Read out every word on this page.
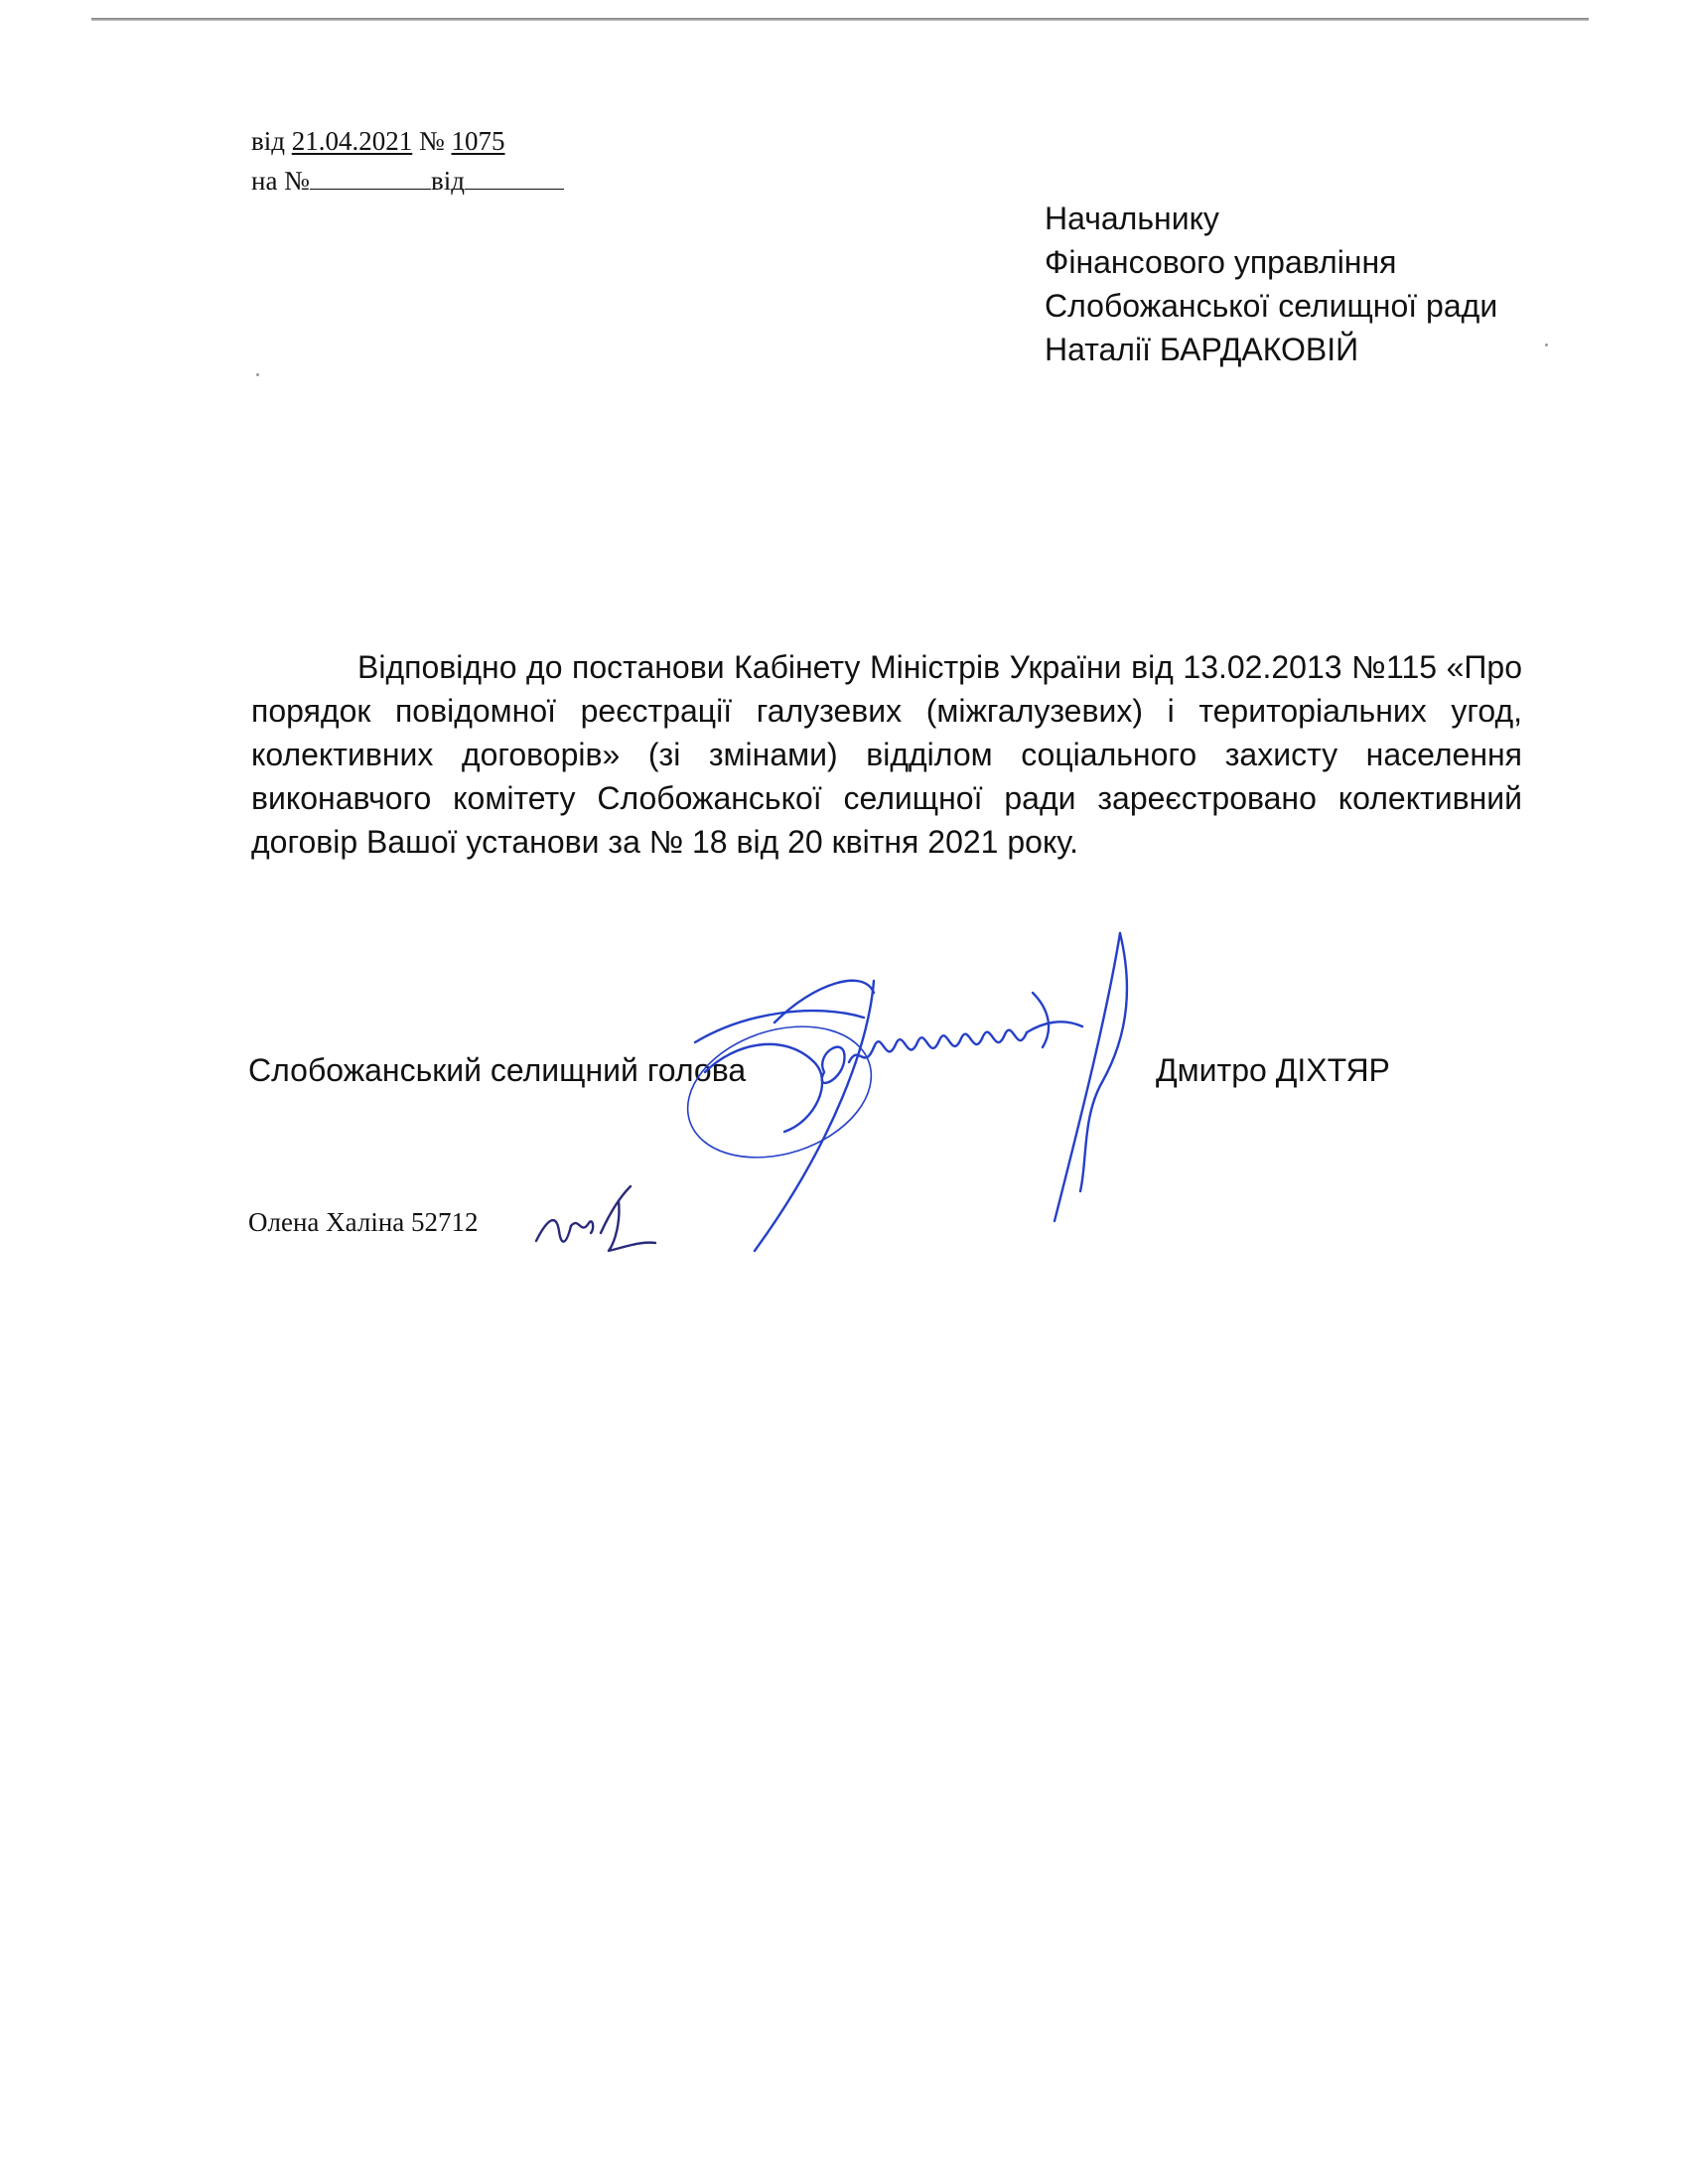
від 21.04.2021 № 1075
на №	від
Начальнику
Фінансового управління
Слобожанської селищної ради
Наталії БАРДАКОВІЙ
Відповідно до постанови Кабінету Міністрів України від 13.02.2013 №115 «Про порядок повідомної реєстрації галузевих (міжгалузевих) і територіальних угод, колективних договорів» (зі змінами) відділом соціального захисту населення виконавчого комітету Слобожанської селищної ради зареєстровано колективний договір Вашої установи за № 18 від 20 квітня 2021 року.
Слобожанський селищний голова	Дмитро ДІХТЯР
Олена Халіна 52712
